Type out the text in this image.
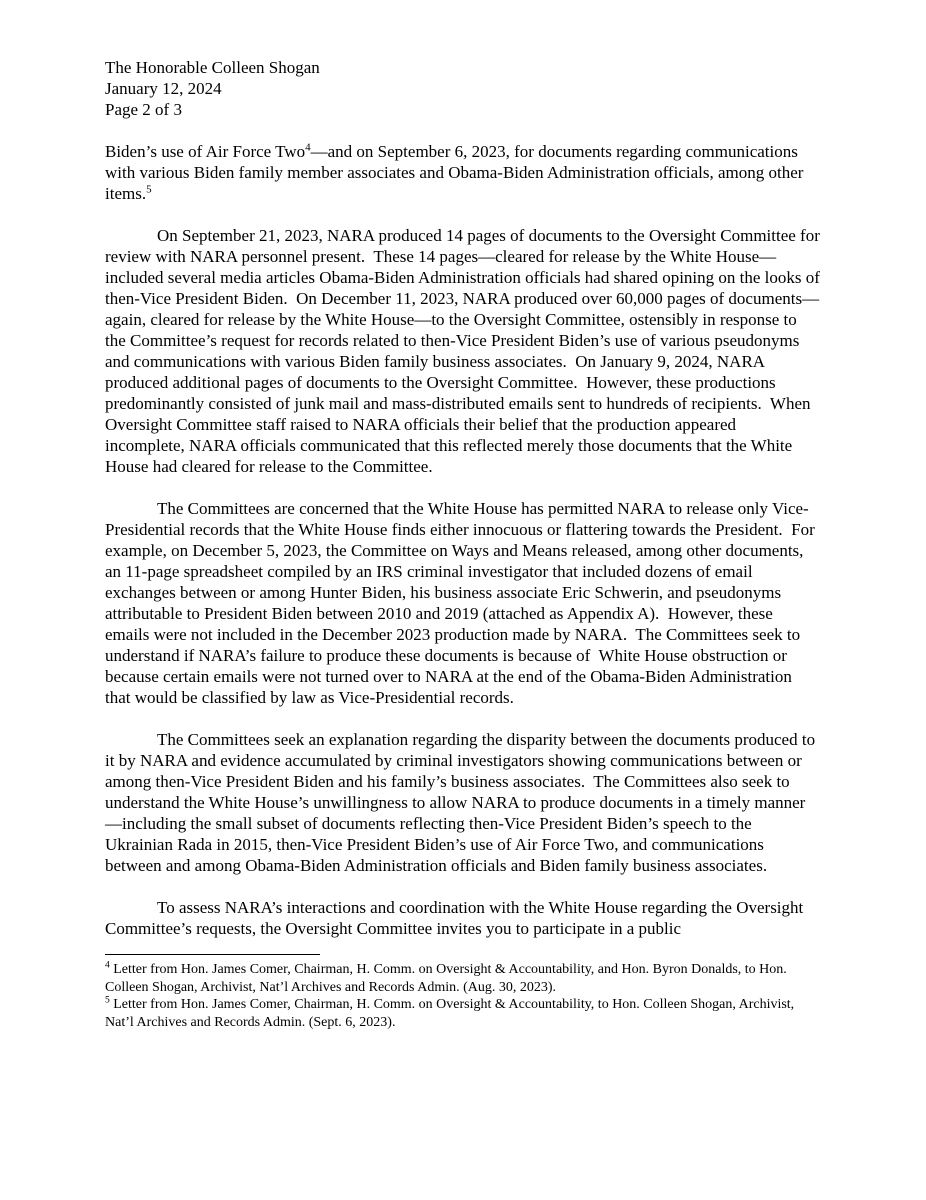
The Honorable Colleen Shogan
January 12, 2024
Page 2 of 3

Biden’s use of Air Force Two$^4$—and on September 6, 2023, for documents regarding communications with various Biden family member associates and Obama-Biden Administration officials, among other items.$^5$

On September 21, 2023, NARA produced 14 pages of documents to the Oversight Committee for review with NARA personnel present.  These 14 pages—cleared for release by the White House—included several media articles Obama-Biden Administration officials had shared opining on the looks of then-Vice President Biden.  On December 11, 2023, NARA produced over 60,000 pages of documents—again, cleared for release by the White House—to the Oversight Committee, ostensibly in response to the Committee’s request for records related to then-Vice President Biden’s use of various pseudonyms and communications with various Biden family business associates.  On January 9, 2024, NARA produced additional pages of documents to the Oversight Committee.  However, these productions predominantly consisted of junk mail and mass-distributed emails sent to hundreds of recipients.  When Oversight Committee staff raised to NARA officials their belief that the production appeared incomplete, NARA officials communicated that this reflected merely those documents that the White House had cleared for release to the Committee.

The Committees are concerned that the White House has permitted NARA to release only Vice-Presidential records that the White House finds either innocuous or flattering towards the President.  For example, on December 5, 2023, the Committee on Ways and Means released, among other documents, an 11-page spreadsheet compiled by an IRS criminal investigator that included dozens of email exchanges between or among Hunter Biden, his business associate Eric Schwerin, and pseudonyms attributable to President Biden between 2010 and 2019 (attached as Appendix A).  However, these emails were not included in the December 2023 production made by NARA.  The Committees seek to understand if NARA’s failure to produce these documents is because of  White House obstruction or because certain emails were not turned over to NARA at the end of the Obama-Biden Administration that would be classified by law as Vice-Presidential records.

The Committees seek an explanation regarding the disparity between the documents produced to it by NARA and evidence accumulated by criminal investigators showing communications between or among then-Vice President Biden and his family’s business associates.  The Committees also seek to understand the White House’s unwillingness to allow NARA to produce documents in a timely manner—including the small subset of documents reflecting then-Vice President Biden’s speech to the Ukrainian Rada in 2015, then-Vice President Biden’s use of Air Force Two, and communications between and among Obama-Biden Administration officials and Biden family business associates.

To assess NARA’s interactions and coordination with the White House regarding the Oversight Committee’s requests, the Oversight Committee invites you to participate in a public

$^4$ Letter from Hon. James Comer, Chairman, H. Comm. on Oversight & Accountability, and Hon. Byron Donalds, to Hon. Colleen Shogan, Archivist, Nat’l Archives and Records Admin. (Aug. 30, 2023).

$^5$ Letter from Hon. James Comer, Chairman, H. Comm. on Oversight & Accountability, to Hon. Colleen Shogan, Archivist, Nat’l Archives and Records Admin. (Sept. 6, 2023).
